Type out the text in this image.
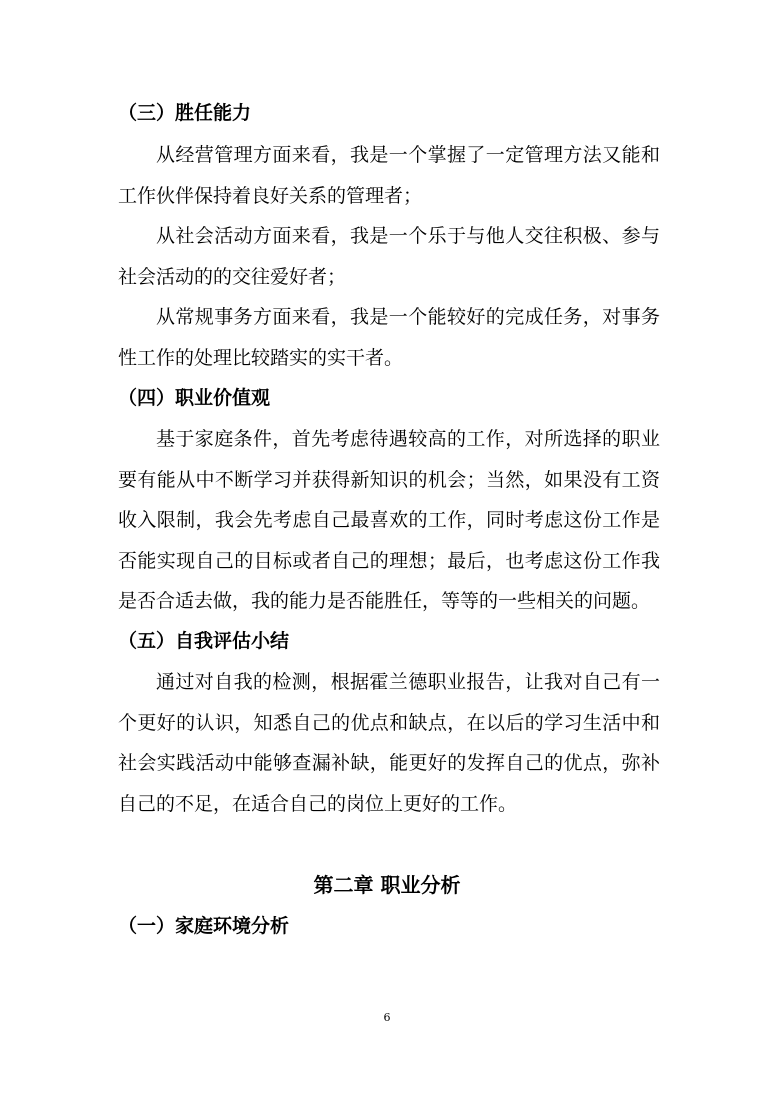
（三）胜任能力
从经营管理方面来看，我是一个掌握了一定管理方法又能和工作伙伴保持着良好关系的管理者；
从社会活动方面来看，我是一个乐于与他人交往积极、参与社会活动的的交往爱好者；
从常规事务方面来看，我是一个能较好的完成任务，对事务性工作的处理比较踏实的实干者。
（四）职业价值观
基于家庭条件，首先考虑待遇较高的工作，对所选择的职业要有能从中不断学习并获得新知识的机会；当然，如果没有工资收入限制，我会先考虑自己最喜欢的工作，同时考虑这份工作是否能实现自己的目标或者自己的理想；最后，也考虑这份工作我是否合适去做，我的能力是否能胜任，等等的一些相关的问题。
（五）自我评估小结
通过对自我的检测，根据霍兰德职业报告，让我对自己有一个更好的认识，知悉自己的优点和缺点，在以后的学习生活中和社会实践活动中能够查漏补缺，能更好的发挥自己的优点，弥补自己的不足，在适合自己的岗位上更好的工作。
第二章 职业分析
（一）家庭环境分析
6
